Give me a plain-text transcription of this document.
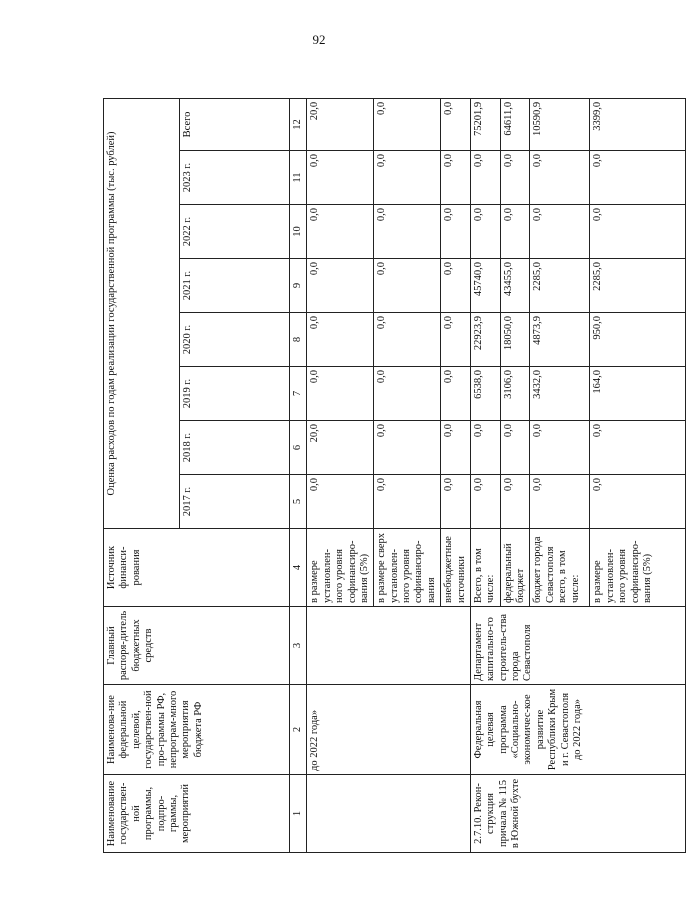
92
Наименование государствен-ной программы, подпро-граммы, мероприятий	Наименова-ние федеральной целевой, государствен-ной про-граммы РФ, непрограм-много мероприятия бюджета РФ	Главный распоря-дитель бюджетных средств	Источник финанси-рования	Оценка расходов по годам реализации государственной программы (тыс. рублей)							
				2017 г.	2018 г.	2019 г.	2020 г.	2021 г.	2022 г.	2023 г.	Всего
1	2	3	4	5	6	7	8	9	10	11	12
	до 2022 года»		в размере установлен-ного уровня софинансиро-вания (5%)	0,0	20,0	0,0	0,0	0,0	0,0	0,0	20,0
			в размере сверх установлен-ного уровня софинансиро-вания	0,0	0,0	0,0	0,0	0,0	0,0	0,0	0,0
			внебюджетные источники	0,0	0,0	0,0	0,0	0,0	0,0	0,0	0,0
2.7.10. Рекон-струкция причала № 115 в Южной бухте	Федеральная целевая программа «Социально-экономичес-кое развитие Республики Крым и г. Севастополя до 2022 года»	Департамент капитально-го строитель-ства города Севастополя	Всего, в том числе:	0,0	0,0	6538,0	22923,9	45740,0	0,0	0,0	75201,9
			федеральный бюджет	0,0	0,0	3106,0	18050,0	43455,0	0,0	0,0	64611,0
			бюджет города Севастополя всего, в том числе:	0,0	0,0	3432,0	4873,9	2285,0	0,0	0,0	10590,9
			в размере установлен-ного уровня софинансиро-вания (5%)	0,0	0,0	164,0	950,0	2285,0	0,0	0,0	3399,0
